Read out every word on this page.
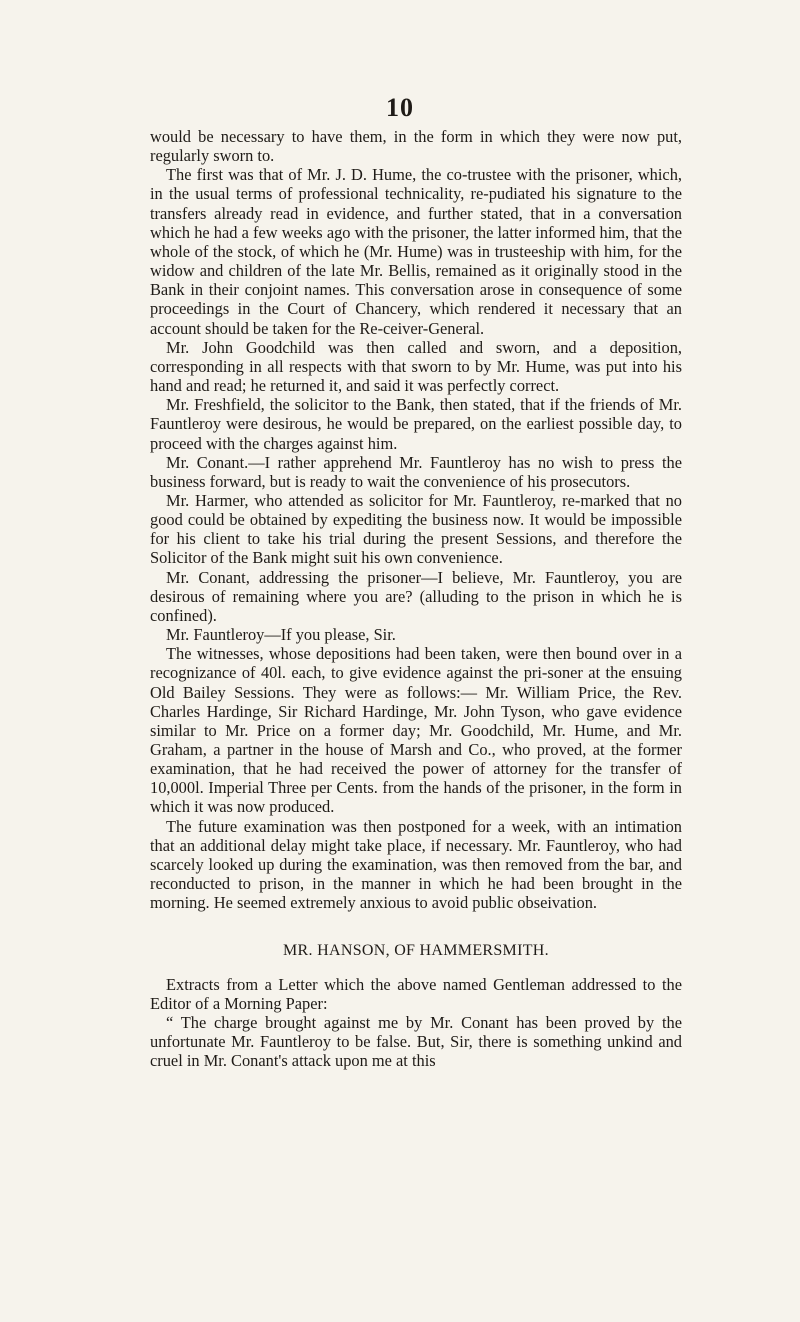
10

would be necessary to have them, in the form in which they were now put, regularly sworn to.

The first was that of Mr. J. D. Hume, the co-trustee with the prisoner, which, in the usual terms of professional technicality, re-pudiated his signature to the transfers already read in evidence, and further stated, that in a conversation which he had a few weeks ago with the prisoner, the latter informed him, that the whole of the stock, of which he (Mr. Hume) was in trusteeship with him, for the widow and children of the late Mr. Bellis, remained as it originally stood in the Bank in their conjoint names. This conversation arose in consequence of some proceedings in the Court of Chancery, which rendered it necessary that an account should be taken for the Re-ceiver-General.

Mr. John Goodchild was then called and sworn, and a deposition, corresponding in all respects with that sworn to by Mr. Hume, was put into his hand and read; he returned it, and said it was perfectly correct.

Mr. Freshfield, the solicitor to the Bank, then stated, that if the friends of Mr. Fauntleroy were desirous, he would be prepared, on the earliest possible day, to proceed with the charges against him.

Mr. Conant.—I rather apprehend Mr. Fauntleroy has no wish to press the business forward, but is ready to wait the convenience of his prosecutors.

Mr. Harmer, who attended as solicitor for Mr. Fauntleroy, re-marked that no good could be obtained by expediting the business now. It would be impossible for his client to take his trial during the present Sessions, and therefore the Solicitor of the Bank might suit his own convenience.

Mr. Conant, addressing the prisoner—I believe, Mr. Fauntleroy, you are desirous of remaining where you are? (alluding to the prison in which he is confined).

Mr. Fauntleroy—If you please, Sir.

The witnesses, whose depositions had been taken, were then bound over in a recognizance of 40l. each, to give evidence against the pri-soner at the ensuing Old Bailey Sessions. They were as follows:— Mr. William Price, the Rev. Charles Hardinge, Sir Richard Hardinge, Mr. John Tyson, who gave evidence similar to Mr. Price on a former day; Mr. Goodchild, Mr. Hume, and Mr. Graham, a partner in the house of Marsh and Co., who proved, at the former examination, that he had received the power of attorney for the transfer of 10,000l. Imperial Three per Cents. from the hands of the prisoner, in the form in which it was now produced.

The future examination was then postponed for a week, with an intimation that an additional delay might take place, if necessary. Mr. Fauntleroy, who had scarcely looked up during the examination, was then removed from the bar, and reconducted to prison, in the manner in which he had been brought in the morning. He seemed extremely anxious to avoid public obseivation.

MR. HANSON, OF HAMMERSMITH.

Extracts from a Letter which the above named Gentleman addressed to the Editor of a Morning Paper:

“ The charge brought against me by Mr. Conant has been proved by the unfortunate Mr. Fauntleroy to be false. But, Sir, there is something unkind and cruel in Mr. Conant's attack upon me at this
